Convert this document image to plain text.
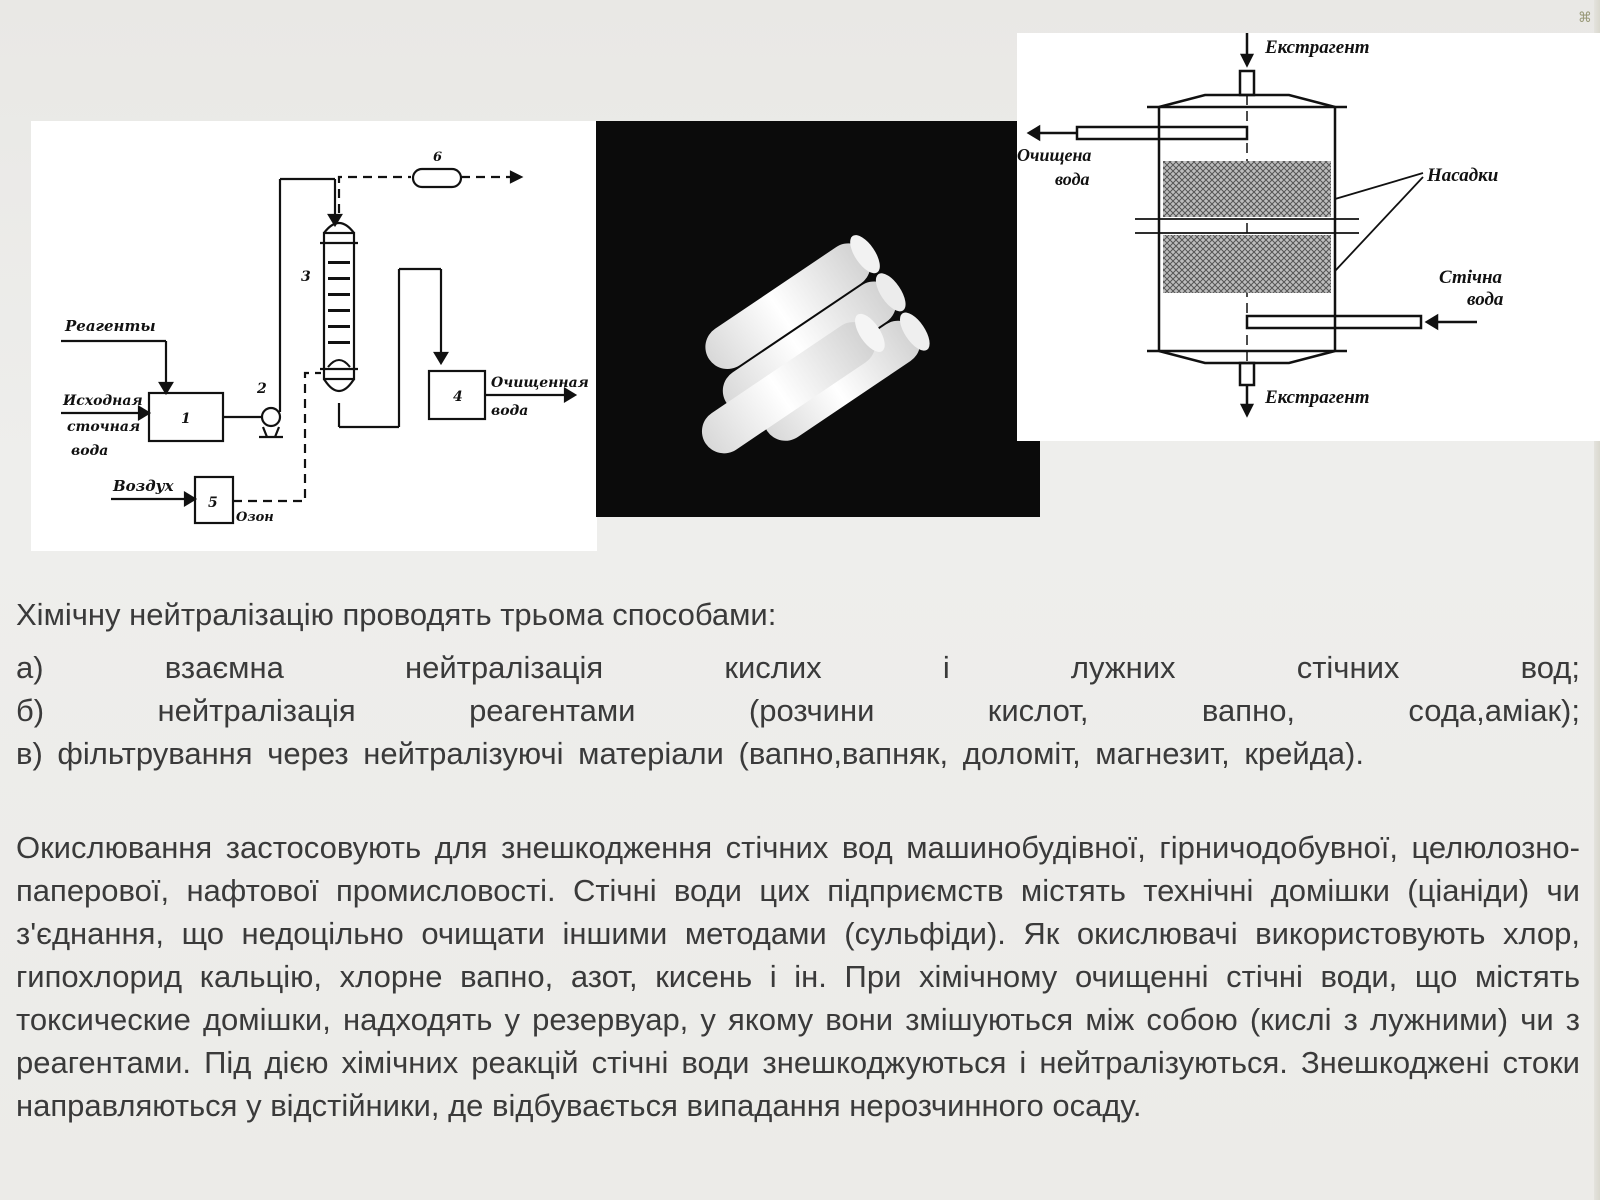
⌘
Реагенты
Исходная
сточная
вода
Воздух
Озон
Очищенная
вода
1
2
3
4
5
6
Екстрагент
Екстрагент
Очищена
вода	Насадки
Стічна
вода
Хімічну нейтралізацію проводять трьома способами:
а)	взаємна	нейтралізація	кислих	і	лужних	стічних	вод;
б)	нейтралізація	реагентами	(розчини	кислот,	вапно,	сода,аміак);
в) фільтрування через нейтралізуючі матеріали (вапно,вапняк, доломіт, магнезит, крейда).
Окислювання застосовують для знешкодження стічних вод машинобудівної, гірничодобувної, целюлозно-паперової, нафтової промисловості. Стічні води цих підприємств містять технічні домішки (ціаніди) чи з'єднання, що недоцільно очищати іншими методами (сульфіди). Як окислювачі використовують хлор, гипохлорид кальцію, хлорне вапно, азот, кисень і ін. При хімічному очищенні стічні води, що містять токсические домішки, надходять у резервуар, у якому вони змішуються між собою (кислі з лужними) чи з реагентами. Під дією хімічних реакцій стічні води знешкоджуються і нейтралізуються. Знешкоджені стоки направляються у відстійники, де відбувається випадання нерозчинного осаду.
